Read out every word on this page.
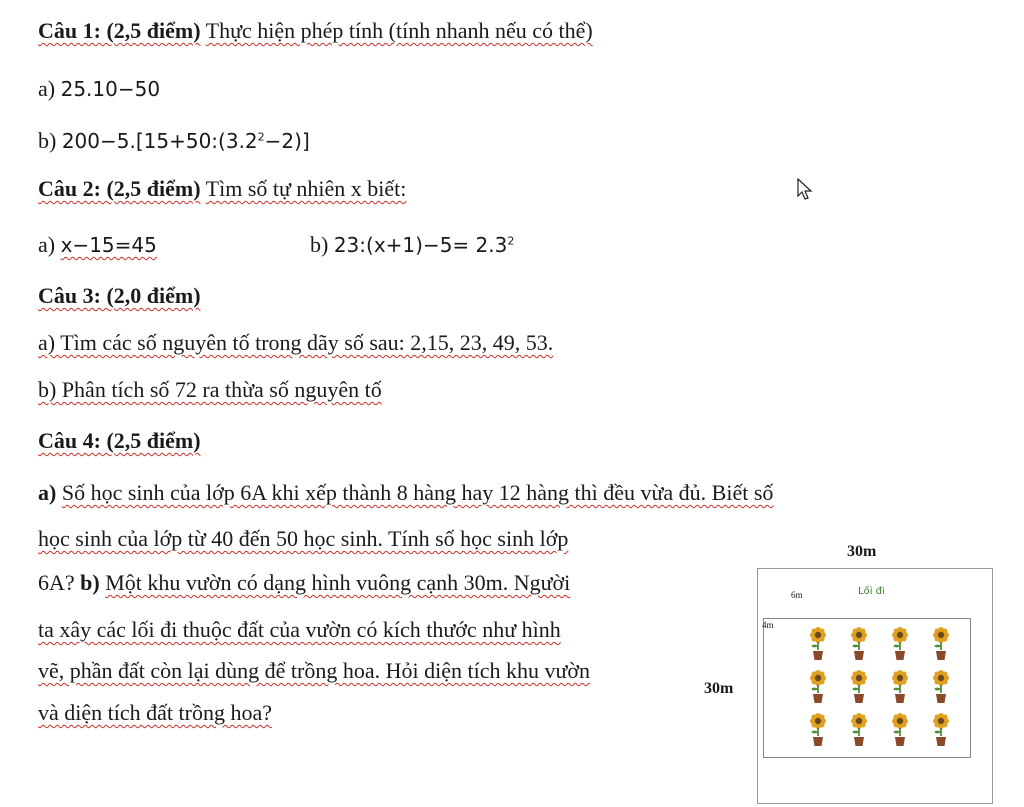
Câu 1: (2,5 điểm) Thực hiện phép tính (tính nhanh nếu có thể)
a) 25.10−50
b) $200-5.[15+50:(3.2^2-2)]$
Câu 2: (2,5 điểm) Tìm số tự nhiên x biết:
a) x−15=45	b) 23:(x+1)−5= $2.3^2$
Câu 3: (2,0 điểm)
a) Tìm các số nguyên tố trong dãy số sau: 2,15, 23, 49, 53.
b) Phân tích số 72 ra thừa số nguyên tố
Câu 4: (2,5 điểm)
a) Số học sinh của lớp 6A khi xếp thành 8 hàng hay 12 hàng thì đều vừa đủ. Biết số
học sinh của lớp từ 40 đến 50 học sinh. Tính số học sinh lớp
6A? b) Một khu vườn có dạng hình vuông cạnh 30m. Người
ta xây các lối đi thuộc đất của vườn có kích thước như hình
vẽ, phần đất còn lại dùng để trồng hoa. Hỏi diện tích khu vườn
và diện tích đất trồng hoa?
30m
6m	Lối đi
4m
30m
